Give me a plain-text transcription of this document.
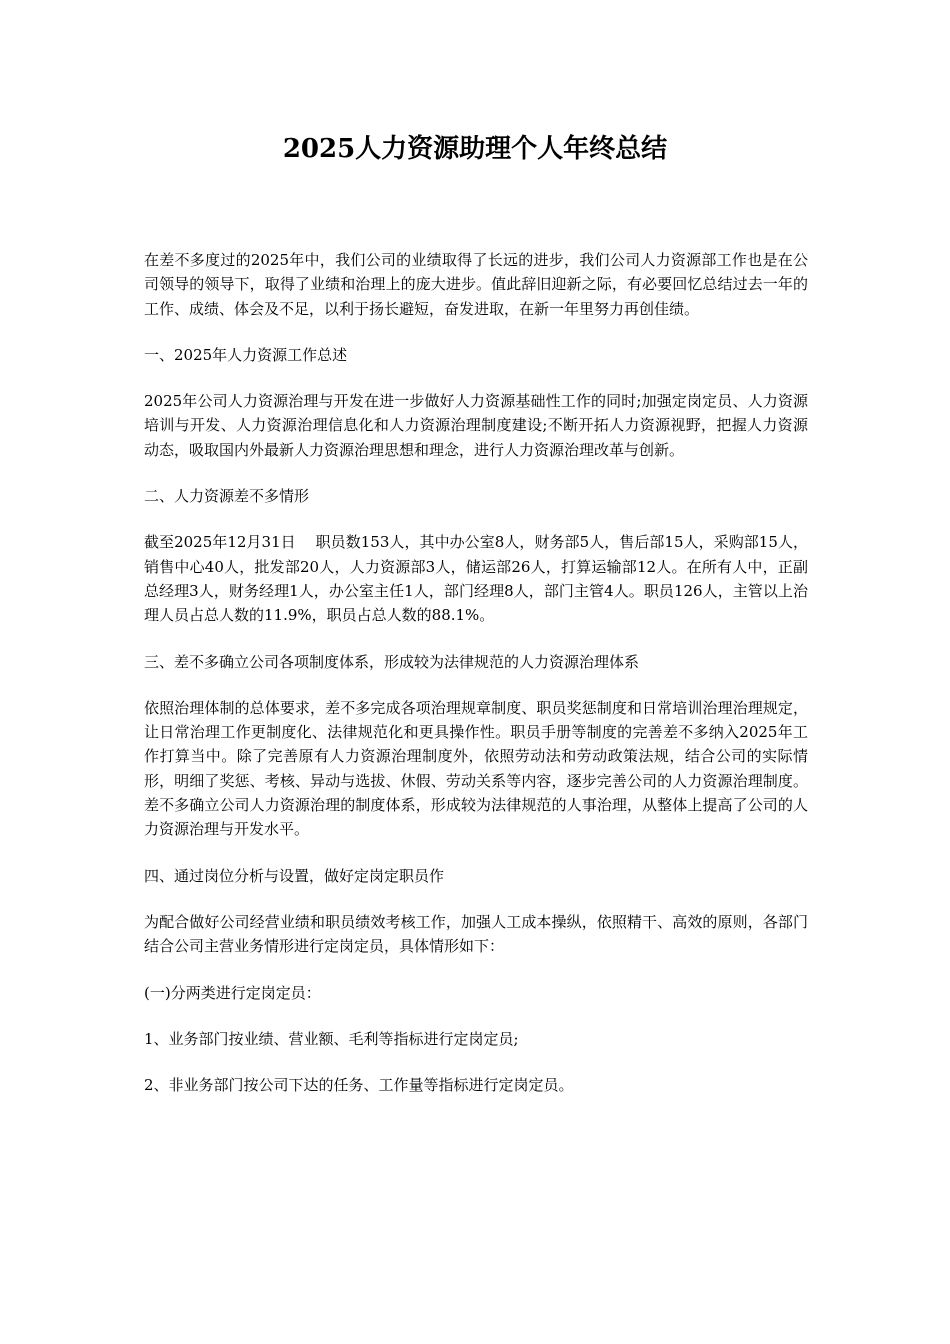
2025人力资源助理个人年终总结

在差不多度过的2025年中，我们公司的业绩取得了长远的进步，我们公司人力资源部工作也是在公司领导的领导下，取得了业绩和治理上的庞大进步。值此辞旧迎新之际，有必要回忆总结过去一年的工作、成绩、体会及不足，以利于扬长避短，奋发进取，在新一年里努力再创佳绩。

一、2025年人力资源工作总述

2025年公司人力资源治理与开发在进一步做好人力资源基础性工作的同时;加强定岗定员、人力资源培训与开发、人力资源治理信息化和人力资源治理制度建设;不断开拓人力资源视野，把握人力资源动态，吸取国内外最新人力资源治理思想和理念，进行人力资源治理改革与创新。

二、人力资源差不多情形

截至2025年12月31日　 职员数153人，其中办公室8人，财务部5人，售后部15人，采购部15人，销售中心40人，批发部20人，人力资源部3人，储运部26人，打算运输部12人。在所有人中，正副总经理3人，财务经理1人，办公室主任1人，部门经理8人，部门主管4人。职员126人，主管以上治理人员占总人数的11.9%，职员占总人数的88.1%。

三、差不多确立公司各项制度体系，形成较为法律规范的人力资源治理体系

依照治理体制的总体要求，差不多完成各项治理规章制度、职员奖惩制度和日常培训治理治理规定，让日常治理工作更制度化、法律规范化和更具操作性。职员手册等制度的完善差不多纳入2025年工作打算当中。除了完善原有人力资源治理制度外，依照劳动法和劳动政策法规，结合公司的实际情形，明细了奖惩、考核、异动与选拔、休假、劳动关系等内容，逐步完善公司的人力资源治理制度。差不多确立公司人力资源治理的制度体系，形成较为法律规范的人事治理，从整体上提高了公司的人力资源治理与开发水平。

四、通过岗位分析与设置，做好定岗定职员作

为配合做好公司经营业绩和职员绩效考核工作，加强人工成本操纵，依照精干、高效的原则，各部门结合公司主营业务情形进行定岗定员，具体情形如下：

(一)分两类进行定岗定员：

1、业务部门按业绩、营业额、毛利等指标进行定岗定员;

2、非业务部门按公司下达的任务、工作量等指标进行定岗定员。
